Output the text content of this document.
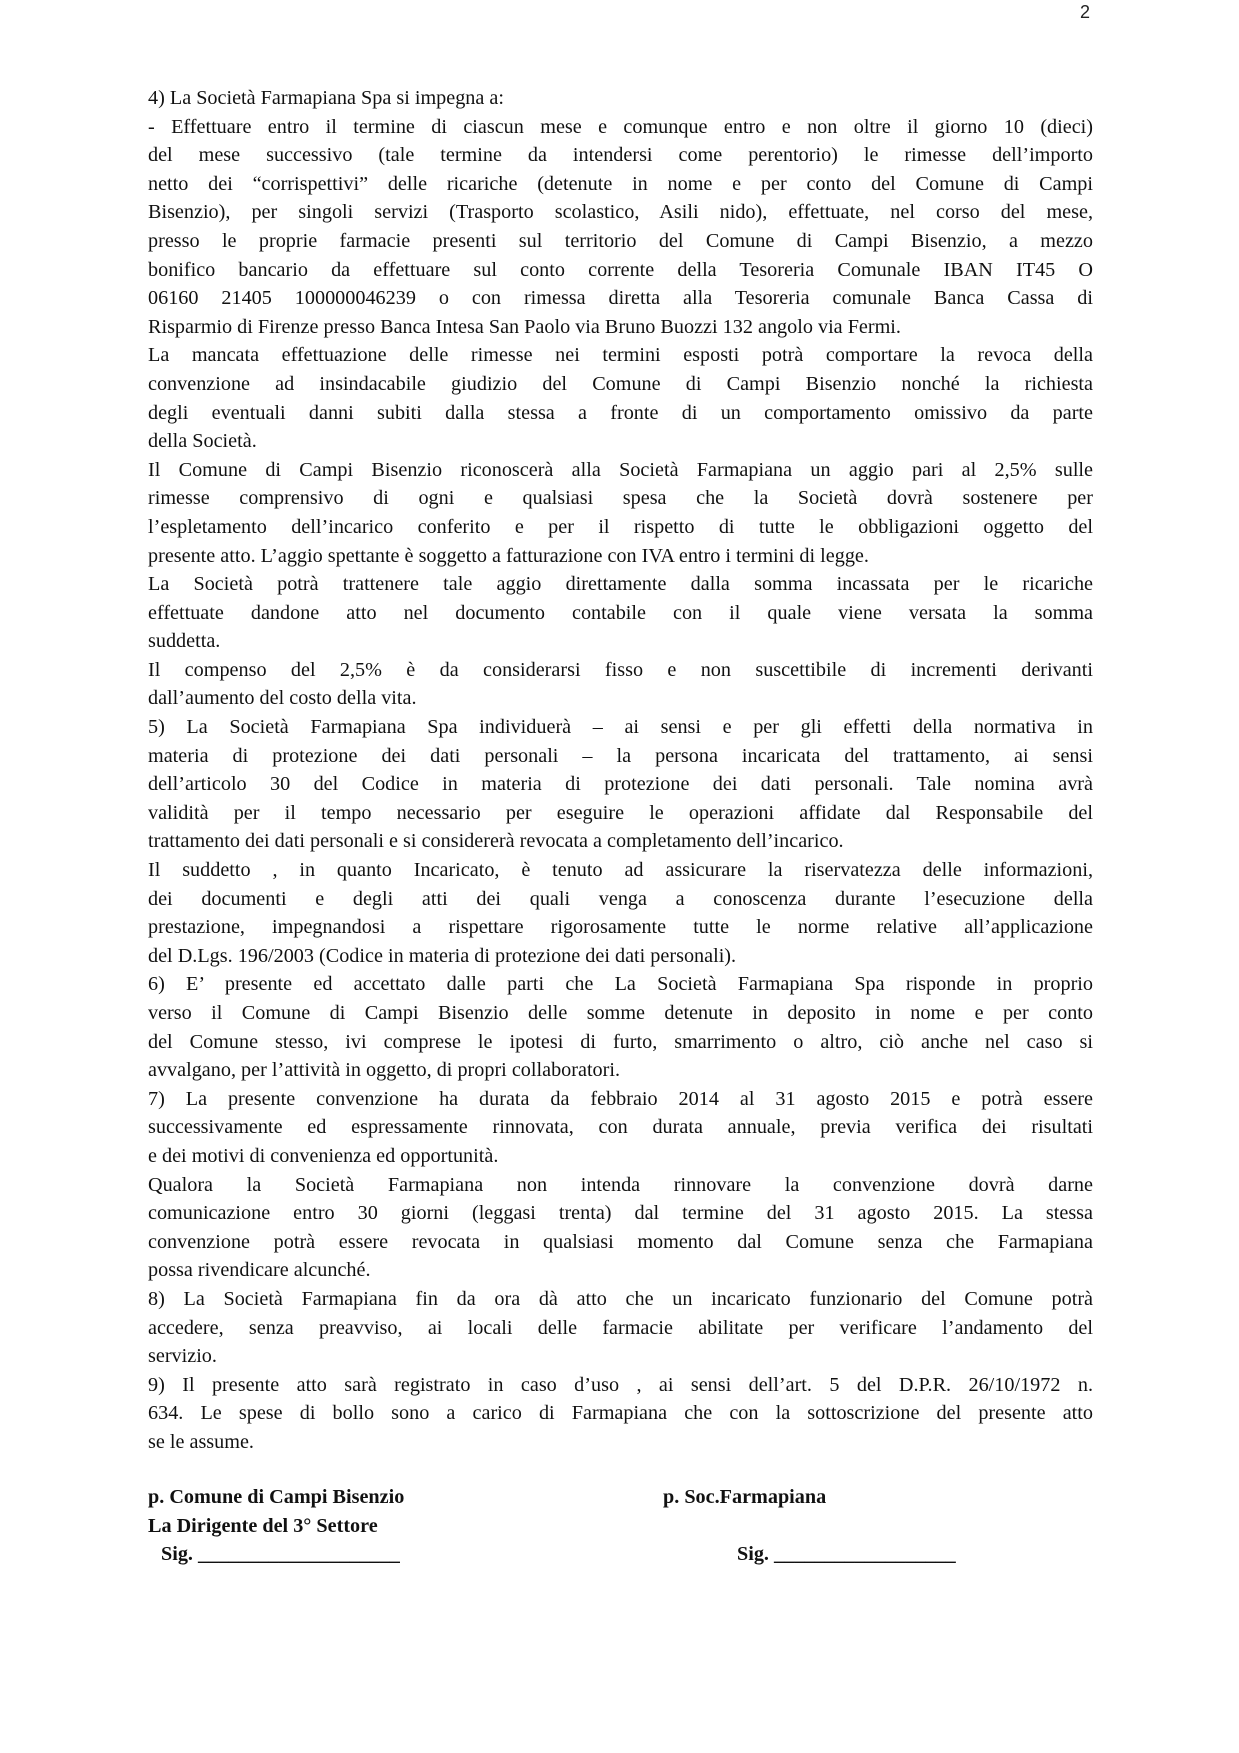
2
4) La Società Farmapiana Spa si impegna a:
- Effettuare entro il termine di ciascun mese e comunque entro e non oltre il giorno 10 (dieci)
del mese successivo (tale termine da intendersi come perentorio) le rimesse dell’importo
netto dei “corrispettivi” delle ricariche (detenute in nome e per conto del Comune di Campi
Bisenzio), per singoli servizi (Trasporto scolastico, Asili nido), effettuate, nel corso del mese,
presso le proprie farmacie presenti sul territorio del Comune di Campi Bisenzio, a mezzo
bonifico bancario da effettuare sul conto corrente della Tesoreria Comunale IBAN IT45 O
06160 21405 100000046239 o con rimessa diretta alla Tesoreria comunale Banca Cassa di
Risparmio di Firenze presso Banca Intesa San Paolo via Bruno Buozzi 132 angolo via Fermi.
La mancata effettuazione delle rimesse nei termini esposti potrà comportare la revoca della
convenzione ad insindacabile giudizio del Comune di Campi Bisenzio nonché la richiesta
degli eventuali danni subiti dalla stessa a fronte di un comportamento omissivo da parte
della Società.
Il Comune di Campi Bisenzio riconoscerà alla Società Farmapiana un aggio pari al 2,5% sulle
rimesse comprensivo di ogni e qualsiasi spesa che la Società dovrà sostenere per
l’espletamento dell’incarico conferito e per il rispetto di tutte le obbligazioni oggetto del
presente atto. L’aggio spettante è soggetto a fatturazione con IVA entro i termini di legge.
La Società potrà trattenere tale aggio direttamente dalla somma incassata per le ricariche
effettuate dandone atto nel documento contabile con il quale viene versata la somma
suddetta.
Il compenso del 2,5% è da considerarsi fisso e non suscettibile di incrementi derivanti
dall’aumento del costo della vita.
5) La Società Farmapiana Spa individuerà – ai sensi e per gli effetti della normativa in
materia di protezione dei dati personali – la persona incaricata del trattamento, ai sensi
dell’articolo 30 del Codice in materia di protezione dei dati personali. Tale nomina avrà
validità per il tempo necessario per eseguire le operazioni affidate dal Responsabile del
trattamento dei dati personali e si considererà revocata a completamento dell’incarico.
Il suddetto , in quanto Incaricato, è tenuto ad assicurare la riservatezza delle informazioni,
dei documenti e degli atti dei quali venga a conoscenza durante l’esecuzione della
prestazione, impegnandosi a rispettare rigorosamente tutte le norme relative all’applicazione
del D.Lgs. 196/2003 (Codice in materia di protezione dei dati personali).
6) E’ presente ed accettato dalle parti che La Società Farmapiana Spa risponde in proprio
verso il Comune di Campi Bisenzio delle somme detenute in deposito in nome e per conto
del Comune stesso, ivi comprese le ipotesi di furto, smarrimento o altro, ciò anche nel caso si
avvalgano, per l’attività in oggetto, di propri collaboratori.
7) La presente convenzione ha durata da febbraio 2014 al 31 agosto 2015 e potrà essere
successivamente ed espressamente rinnovata, con durata annuale, previa verifica dei risultati
e dei motivi di convenienza ed opportunità.
Qualora la Società Farmapiana non intenda rinnovare la convenzione dovrà darne
comunicazione entro 30 giorni (leggasi trenta) dal termine del 31 agosto 2015. La stessa
convenzione potrà essere revocata in qualsiasi momento dal Comune senza che Farmapiana
possa rivendicare alcunché.
8) La Società Farmapiana fin da ora dà atto che un incaricato funzionario del Comune potrà
accedere, senza preavviso, ai locali delle farmacie abilitate per verificare l’andamento del
servizio.
9) Il presente atto sarà registrato in caso d’uso , ai sensi dell’art. 5 del D.P.R. 26/10/1972 n.
634. Le spese di bollo sono a carico di Farmapiana che con la sottoscrizione del presente atto
se le assume.
p. Comune di Campi Bisenzio
La Dirigente del 3° Settore
Sig. ____________________
p. Soc.Farmapiana
Sig. __________________
